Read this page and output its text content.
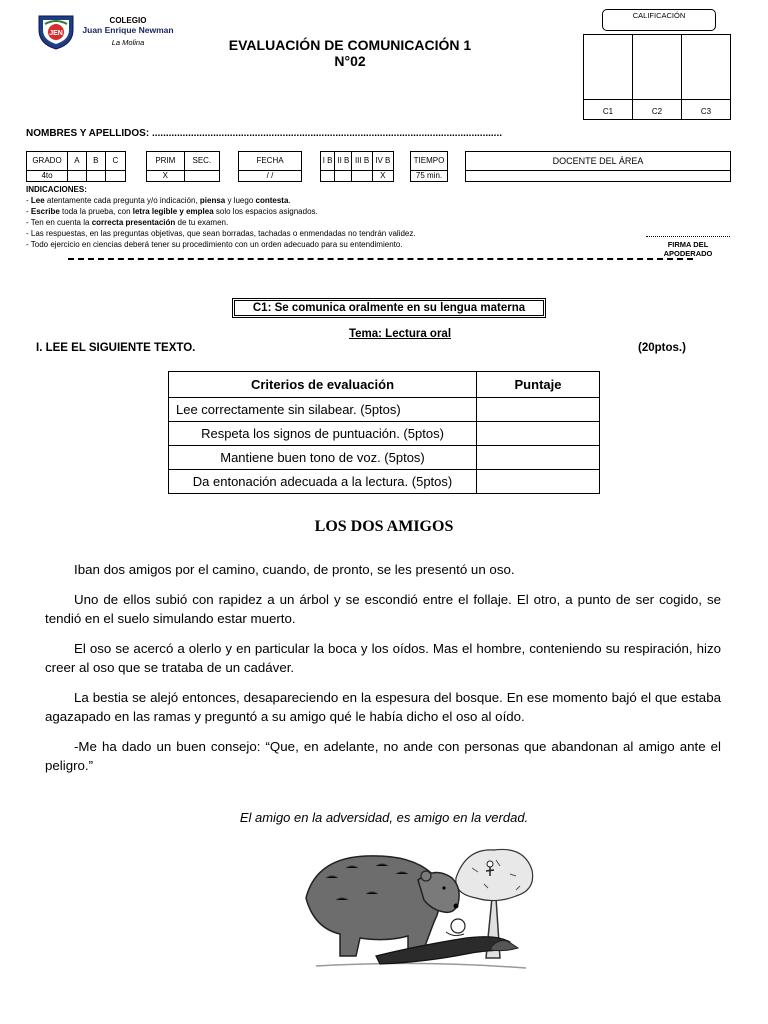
JEN
COLEGIO
Juan Enrique Newman
La Molina	EVALUACIÓN DE COMUNICACIÓN 1
N°02
CALIFICACIÓN
C1	C2	C3
NOMBRES Y APELLIDOS: ..............................................................................................................................
GRADO	A	B	C
4to			
PRIM	SEC.
X	
FECHA
/ /
I B	II B	III B	IV B
			X
TIEMPO
75 min.
DOCENTE DEL ÁREA

INDICACIONES:
- Lee atentamente cada pregunta y/o indicación, piensa y luego contesta.
- Escribe toda la prueba, con letra legible y emplea solo los espacios asignados.
- Ten en cuenta la correcta presentación de tu examen.
- Las respuestas, en las preguntas objetivas, que sean borradas, tachadas o enmendadas no tendrán validez.
- Todo ejercicio en ciencias deberá tener su procedimiento con un orden adecuado para su entendimiento.	FIRMA DEL
APODERADO
C1: Se comunica oralmente en su lengua materna
Tema: Lectura oral
I. LEE EL SIGUIENTE TEXTO.	(20ptos.)
Criterios de evaluación	Puntaje
Lee correctamente sin silabear. (5ptos)	
Respeta los signos de puntuación. (5ptos)	
Mantiene buen tono de voz. (5ptos)	
Da entonación adecuada a la lectura. (5ptos)	
LOS DOS AMIGOS

Iban dos amigos por el camino, cuando, de pronto, se les presentó un oso.

Uno de ellos subió con rapidez a un árbol y se escondió entre el follaje. El otro, a punto de ser cogido, se tendió en el suelo simulando estar muerto.

El oso se acercó a olerlo y en particular la boca y los oídos. Mas el hombre, conteniendo su respiración, hizo creer al oso que se trataba de un cadáver.

La bestia se alejó entonces, desapareciendo en la espesura del bosque. En ese momento bajó el que estaba agazapado en las ramas y preguntó a su amigo qué le había dicho el oso al oído.

-Me ha dado un buen consejo: “Que, en adelante, no ande con personas que abandonan al amigo ante el peligro.”

El amigo en la adversidad, es amigo en la verdad.
